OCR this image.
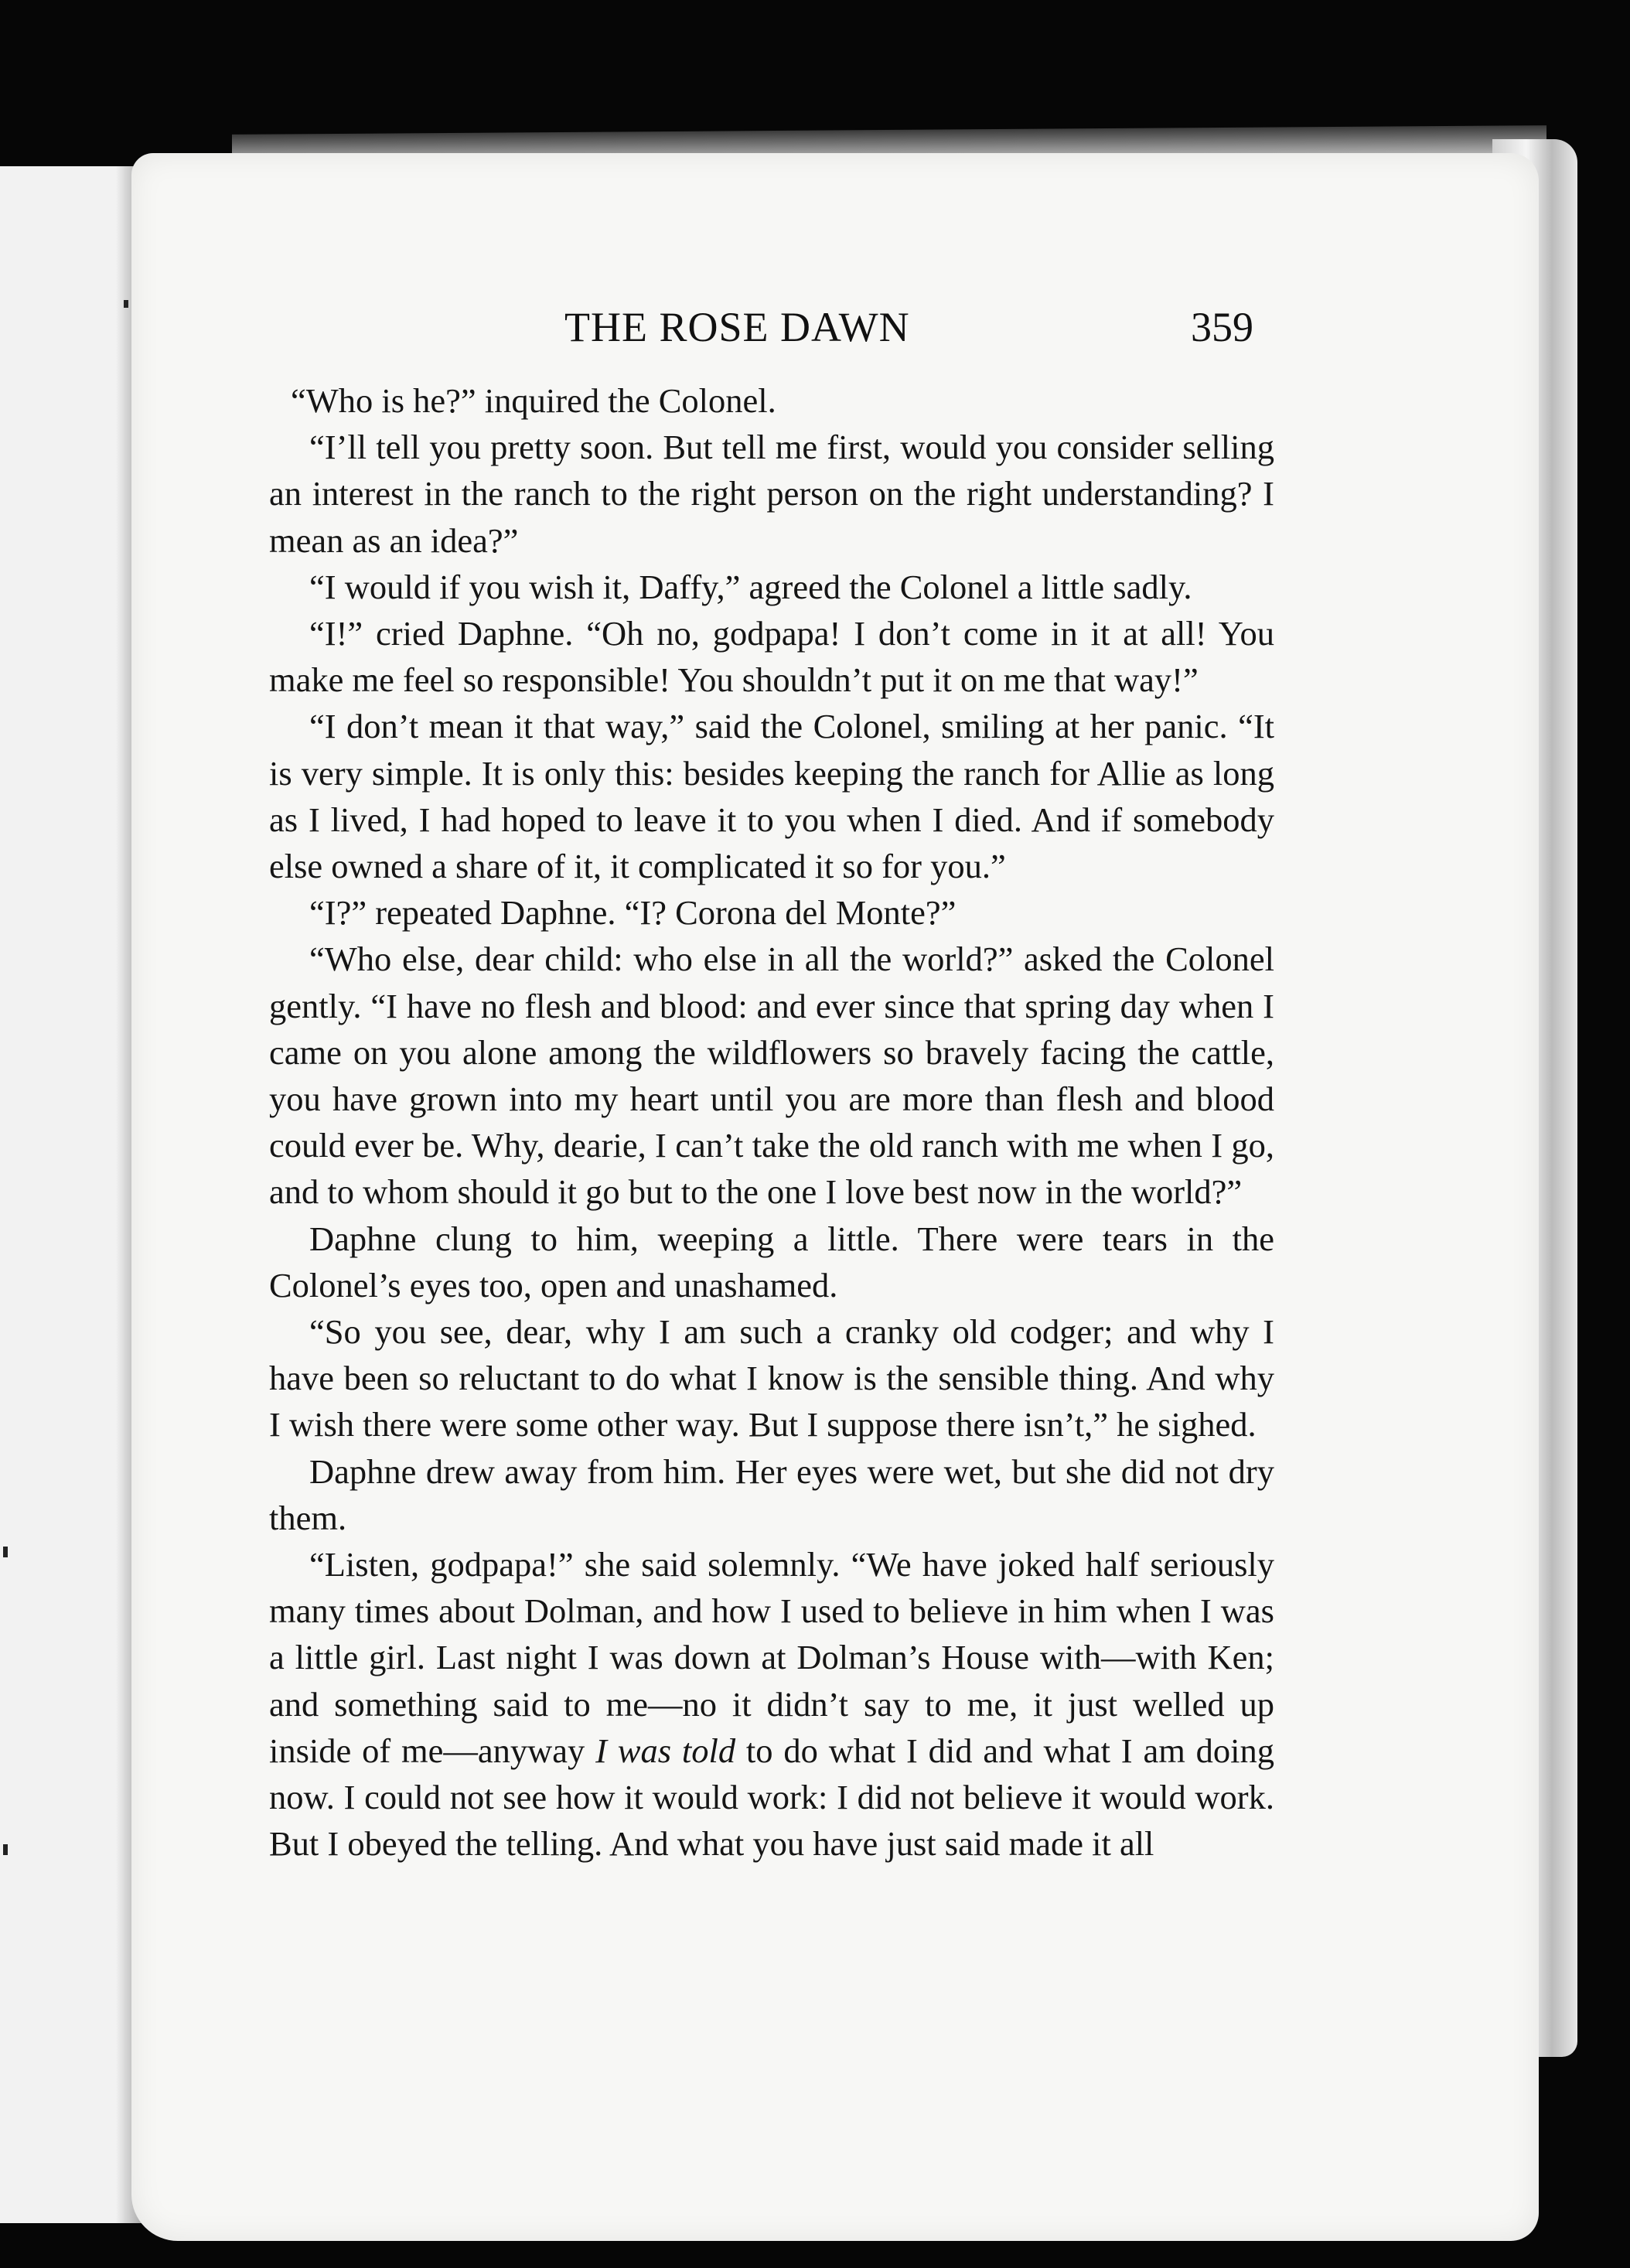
THE ROSE DAWN	359

“Who is he?” inquired the Colonel.

“I’ll tell you pretty soon. But tell me first, would you consider selling an interest in the ranch to the right person on the right understanding? I mean as an idea?”

“I would if you wish it, Daffy,” agreed the Colonel a little sadly.

“I!” cried Daphne. “Oh no, godpapa! I don’t come in it at all! You make me feel so responsible! You shouldn’t put it on me that way!”

“I don’t mean it that way,” said the Colonel, smiling at her panic. “It is very simple. It is only this: besides keeping the ranch for Allie as long as I lived, I had hoped to leave it to you when I died. And if somebody else owned a share of it, it complicated it so for you.”

“I?” repeated Daphne. “I? Corona del Monte?”

“Who else, dear child: who else in all the world?” asked the Colonel gently. “I have no flesh and blood: and ever since that spring day when I came on you alone among the wildflowers so bravely facing the cattle, you have grown into my heart until you are more than flesh and blood could ever be. Why, dearie, I can’t take the old ranch with me when I go, and to whom should it go but to the one I love best now in the world?”

Daphne clung to him, weeping a little. There were tears in the Colonel’s eyes too, open and unashamed.

“So you see, dear, why I am such a cranky old codger; and why I have been so reluctant to do what I know is the sensible thing. And why I wish there were some other way. But I suppose there isn’t,” he sighed.

Daphne drew away from him. Her eyes were wet, but she did not dry them.

“Listen, godpapa!” she said solemnly. “We have joked half seriously many times about Dolman, and how I used to believe in him when I was a little girl. Last night I was down at Dolman’s House with—with Ken; and something said to me—no it didn’t say to me, it just welled up inside of me—anyway I was told to do what I did and what I am doing now. I could not see how it would work: I did not believe it would work. But I obeyed the telling. And what you have just said made it all
